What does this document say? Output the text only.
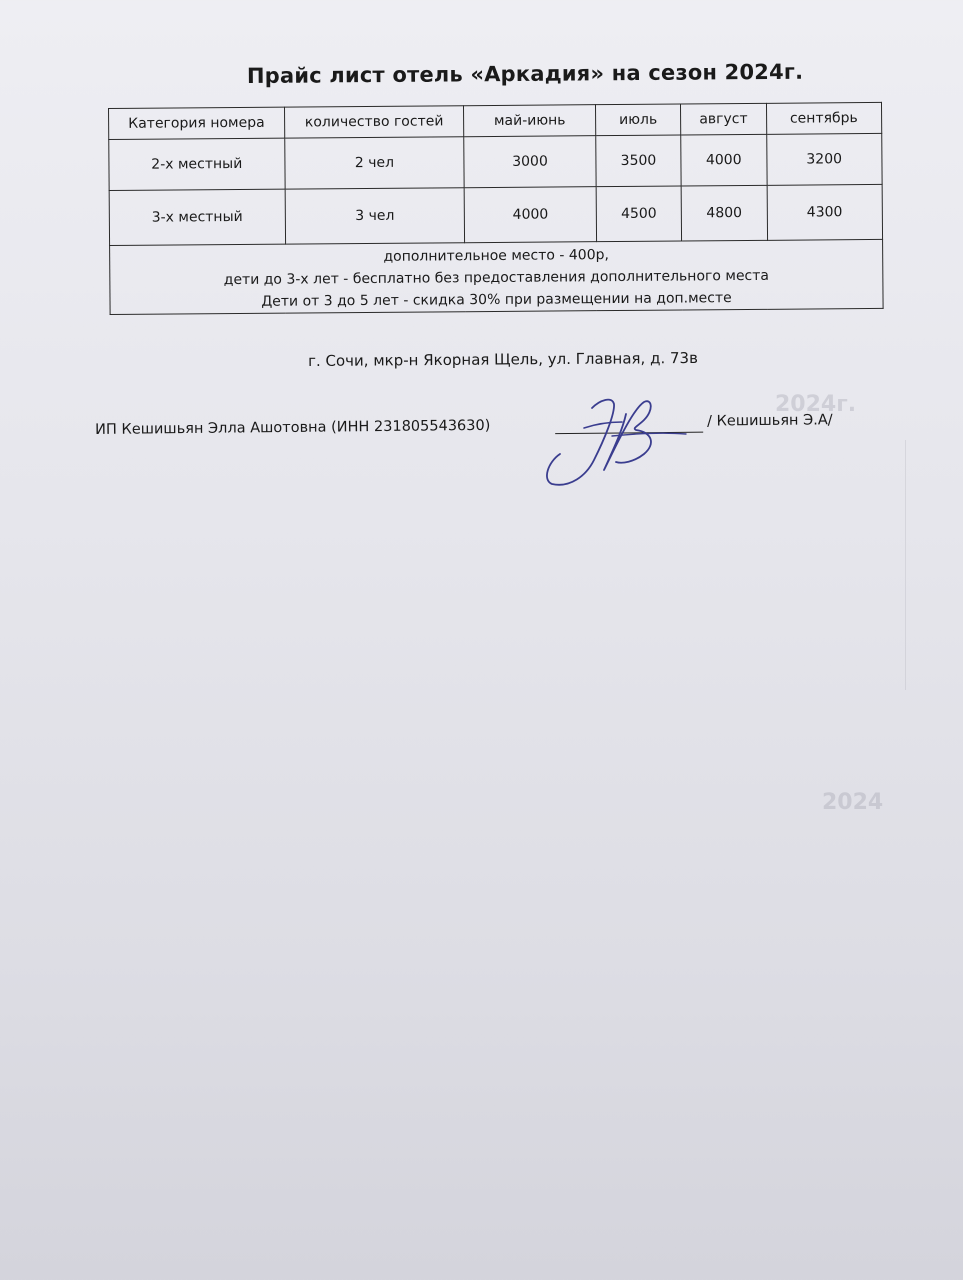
2024г.
2024
Прайс лист отель «Аркадия» на сезон 2024г.
Категория номера	количество гостей	май-июнь	июль	август	сентябрь
2-х местный	2 чел	3000	3500	4000	3200
3-х местный	3 чел	4000	4500	4800	4300

дополнительное место - 400р,
дети до 3-х лет - бесплатно без предоставления дополнительного места
Дети от 3 до 5 лет - скидка 30% при размещении на доп.месте					
г. Сочи, мкр-н Якорная Щель, ул. Главная, д. 73в
ИП Кешишьян Элла Ашотовна (ИНН 231805543630)	/ Кешишьян Э.А/
